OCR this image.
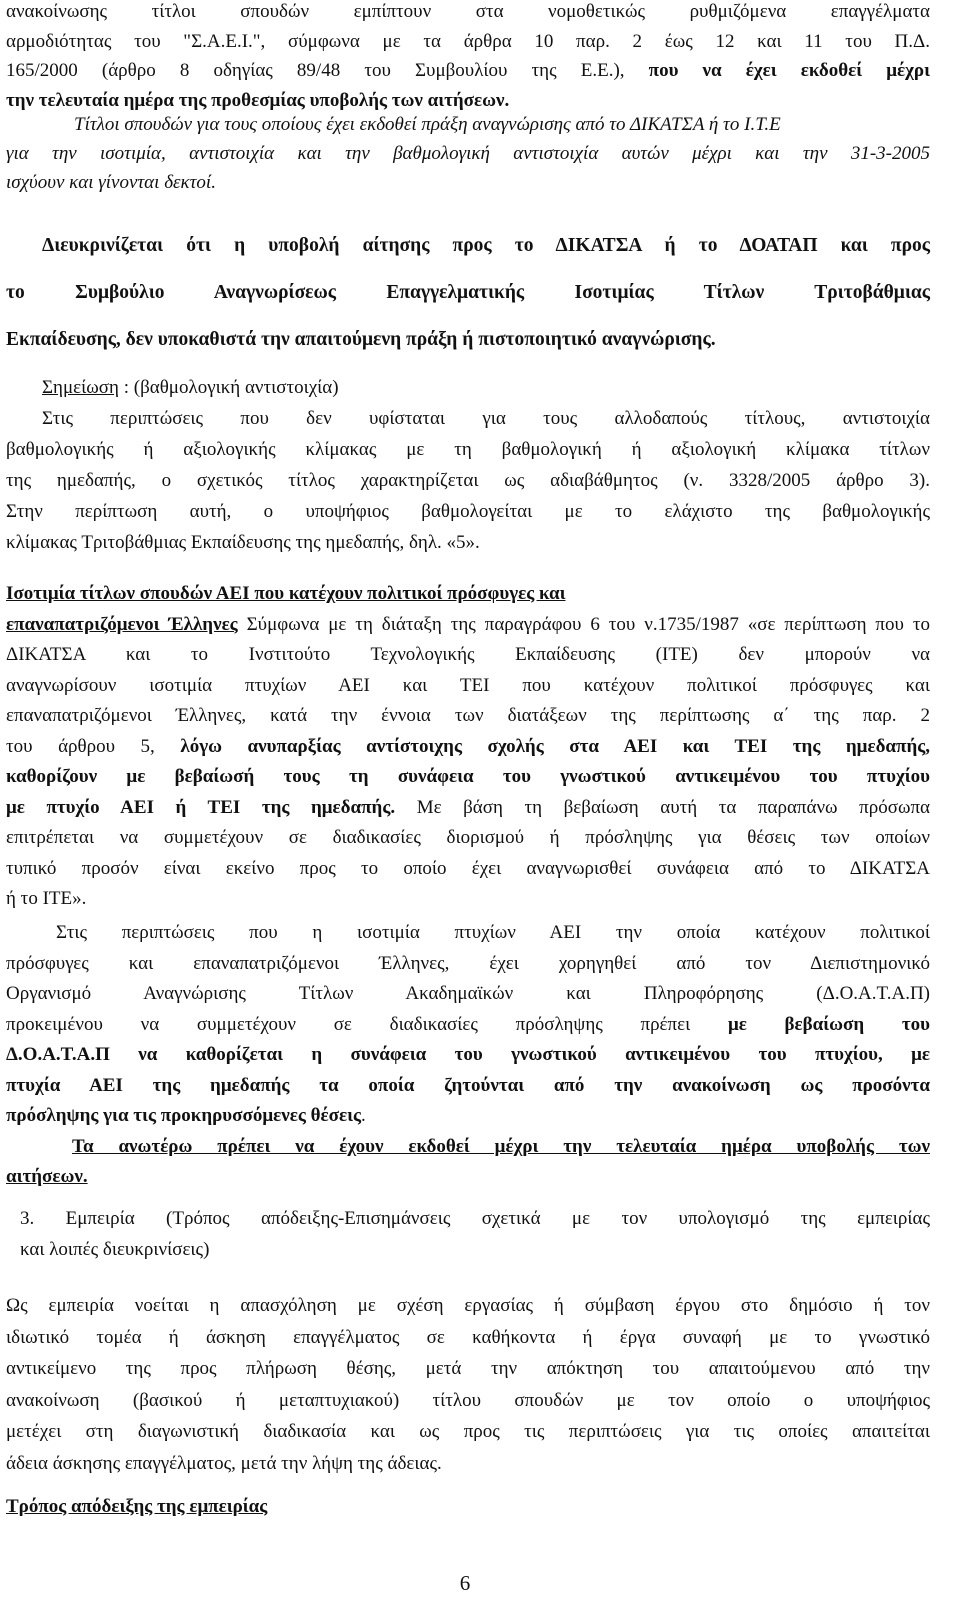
ανακοίνωσης τίτλοι σπουδών εμπίπτουν στα νομοθετικώς ρυθμιζόμενα επαγγέλματα

αρμοδιότητας του "Σ.Α.Ε.Ι.", σύμφωνα με τα άρθρα 10 παρ. 2 έως 12 και 11 του Π.Δ.

165/2000 (άρθρο 8 οδηγίας 89/48 του Συμβουλίου της Ε.Ε.), που να έχει εκδοθεί μέχρι

την τελευταία ημέρα της προθεσμίας υποβολής των αιτήσεων.

Τίτλοι σπουδών για τους οποίους έχει εκδοθεί πράξη αναγνώρισης από το ΔΙΚΑΤΣΑ ή το Ι.Τ.Ε

για την ισοτιμία, αντιστοιχία και την βαθμολογική αντιστοιχία αυτών μέχρι και την 31-3-2005

ισχύουν και γίνονται δεκτοί.

Διευκρινίζεται ότι η υποβολή αίτησης προς το ΔΙΚΑΤΣΑ ή το ΔΟΑΤΑΠ και προς

το Συμβούλιο Αναγνωρίσεως Επαγγελματικής Ισοτιμίας Τίτλων Τριτοβάθμιας

Εκπαίδευσης, δεν υποκαθιστά την απαιτούμενη πράξη ή πιστοποιητικό αναγνώρισης.

Σημείωση : (βαθμολογική αντιστοιχία)

Στις περιπτώσεις που δεν υφίσταται για τους αλλοδαπούς τίτλους, αντιστοιχία

βαθμολογικής ή αξιολογικής κλίμακας με τη βαθμολογική ή αξιολογική κλίμακα τίτλων

της ημεδαπής, ο σχετικός τίτλος χαρακτηρίζεται ως αδιαβάθμητος (ν. 3328/2005 άρθρο 3).

Στην περίπτωση αυτή, ο υποψήφιος βαθμολογείται με το ελάχιστο της βαθμολογικής

κλίμακας Τριτοβάθμιας Εκπαίδευσης της ημεδαπής, δηλ. «5».

Ισοτιμία τίτλων σπουδών ΑΕΙ που κατέχουν πολιτικοί πρόσφυγες και

επαναπατριζόμενοι Έλληνες Σύμφωνα με τη διάταξη της παραγράφου 6 του ν.1735/1987 «σε περίπτωση που το

ΔΙΚΑΤΣΑ και το Ινστιτούτο Τεχνολογικής Εκπαίδευσης (ΙΤΕ) δεν μπορούν να

αναγνωρίσουν ισοτιμία πτυχίων ΑΕΙ και ΤΕΙ που κατέχουν πολιτικοί πρόσφυγες και

επαναπατριζόμενοι Έλληνες, κατά την έννοια των διατάξεων της περίπτωσης α΄ της παρ. 2

του άρθρου 5, λόγω ανυπαρξίας αντίστοιχης σχολής στα ΑΕΙ και ΤΕΙ της ημεδαπής,

καθορίζουν με βεβαίωσή τους τη συνάφεια του γνωστικού αντικειμένου του πτυχίου

με πτυχίο ΑΕΙ ή ΤΕΙ της ημεδαπής. Με βάση τη βεβαίωση αυτή τα παραπάνω πρόσωπα

επιτρέπεται να συμμετέχουν σε διαδικασίες διορισμού ή πρόσληψης για θέσεις των οποίων

τυπικό προσόν είναι εκείνο προς το οποίο έχει αναγνωρισθεί συνάφεια από το ΔΙΚΑΤΣΑ

ή το ΙΤΕ».

Στις περιπτώσεις που η ισοτιμία πτυχίων ΑΕΙ την οποία κατέχουν πολιτικοί

πρόσφυγες και επαναπατριζόμενοι Έλληνες, έχει χορηγηθεί από τον Διεπιστημονικό

Οργανισμό Αναγνώρισης Τίτλων Ακαδημαϊκών και Πληροφόρησης (Δ.Ο.Α.Τ.Α.Π)

προκειμένου να συμμετέχουν σε διαδικασίες πρόσληψης πρέπει με βεβαίωση του

Δ.Ο.Α.Τ.Α.Π να καθορίζεται η συνάφεια του γνωστικού αντικειμένου του πτυχίου, με

πτυχία ΑΕΙ της ημεδαπής τα οποία ζητούνται από την ανακοίνωση ως προσόντα

πρόσληψης για τις προκηρυσσόμενες θέσεις.

Τα ανωτέρω πρέπει να έχουν εκδοθεί μέχρι την τελευταία ημέρα υποβολής των

αιτήσεων.

3. Εμπειρία (Τρόπος απόδειξης-Επισημάνσεις σχετικά με τον υπολογισμό της εμπειρίας

και λοιπές διευκρινίσεις)

Ως εμπειρία νοείται η απασχόληση με σχέση εργασίας ή σύμβαση έργου στο δημόσιο ή τον

ιδιωτικό τομέα ή άσκηση επαγγέλματος σε καθήκοντα ή έργα συναφή με το γνωστικό

αντικείμενο της προς πλήρωση θέσης, μετά την απόκτηση του απαιτούμενου από την

ανακοίνωση (βασικού ή μεταπτυχιακού) τίτλου σπουδών με τον οποίο ο υποψήφιος

μετέχει στη διαγωνιστική διαδικασία και ως προς τις περιπτώσεις για τις οποίες απαιτείται

άδεια άσκησης επαγγέλματος, μετά την λήψη της άδειας.

Τρόπος απόδειξης της εμπειρίας
6
